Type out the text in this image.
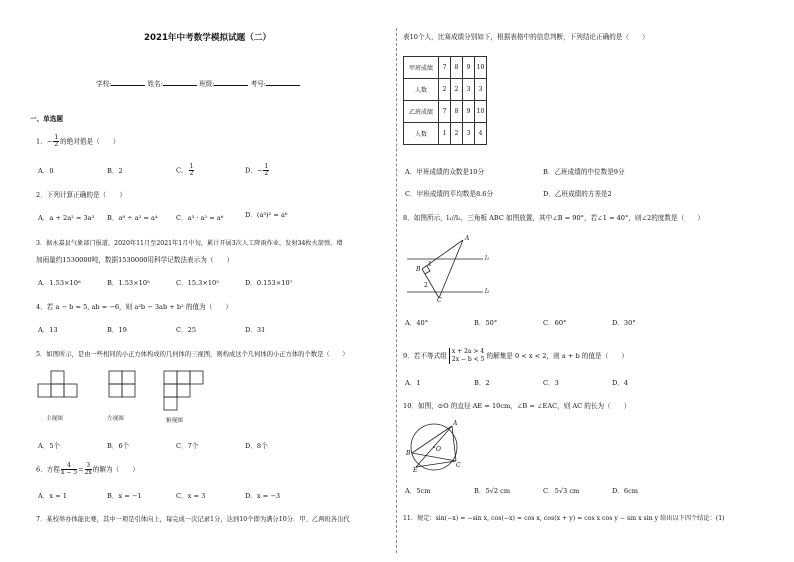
2021年中考数学模拟试题（二）
学校:	姓名:	班级:	考号:
一、单选题
1．− $\frac{1}{2}$ 的绝对值是（　　）
A．0	B．2	C． $\frac{1}{2}$	D．− $\frac{1}{2}$
2．下列计算正确的是（　　）
A．a + 2a² = 3a³ B．a⁸ ÷ a² = a⁴	C．a³ · a² = a⁶	D．(a³)² = a⁶
3．据永嘉县气象部门报道，2020年11月至2021年1月中旬，累计开展3次人工降雨作业，发射34枚火箭弹，增
加雨量约1530000吨，数据1530000用科学记数法表示为（　　）
A．1.53×10⁶	B．1.53×10⁵	C．15.3×10⁵	D．0.153×10⁷
4．若 a − b = 5, ab = −6，则 a²b − 3ab + b² 的值为（　　）
A．13	B．19	C．25	D．31
5．如图所示，是由一些相同的小正方体构成的几何体的三视图，则构成这个几何体的小正方体的个数是（　　）
主视图	左视图	俯视图
A．5个	B．6个	C．7个	D．8个
6．方程 $\frac{4}{x - 5} = \frac{3}{2x}$ 的解为（　　）
A．x = 1	B．x = −1	C．x = 3	D．x = −3
7．某校举办体能比赛，其中一项是引体向上，每完成一次记录1分，达到10个即为满分10分．甲、乙两班各出代
表10个人，比赛成绩分别如下，根据表格中的信息判断，下列结论正确的是（　　）
甲班成绩	7	8	9	10
人数	2	2	3	3
乙班成绩	7	8	9	10
人数	1	2	3	4
A．甲班成绩的众数是10分	B．乙班成绩的中位数是9分
C．甲班成绩的平均数是8.6分	D．乙班成绩的方差是2
8．如图所示，l₁//l₂，三角板 ABC 如图放置，其中∠B = 90°，若∠1 = 40°，则∠2的度数是（　　）
A
B
C
1
2
l₁
l₂
A．40°	B．50°	C．60°	D．30°
9．若不等式组
x + 2a > 4
2x − b < 5 的解集是 0 < x < 2，则 a + b 的值是（　　）
A．1	B．2	C．3	D．4
10．如图，⊙O 的直径 AE = 10cm，∠B = ∠EAC，则 AC 的长为（　　）
A
B
C
E
O
A．5cm	B．5√2 cm	C．5√3 cm	D．6cm
11．规定：sin(−x) = −sin x, cos(−x) = cos x, cos(x + y) = cos x cos y − sin x sin y 给出以下四个结论：(1)
